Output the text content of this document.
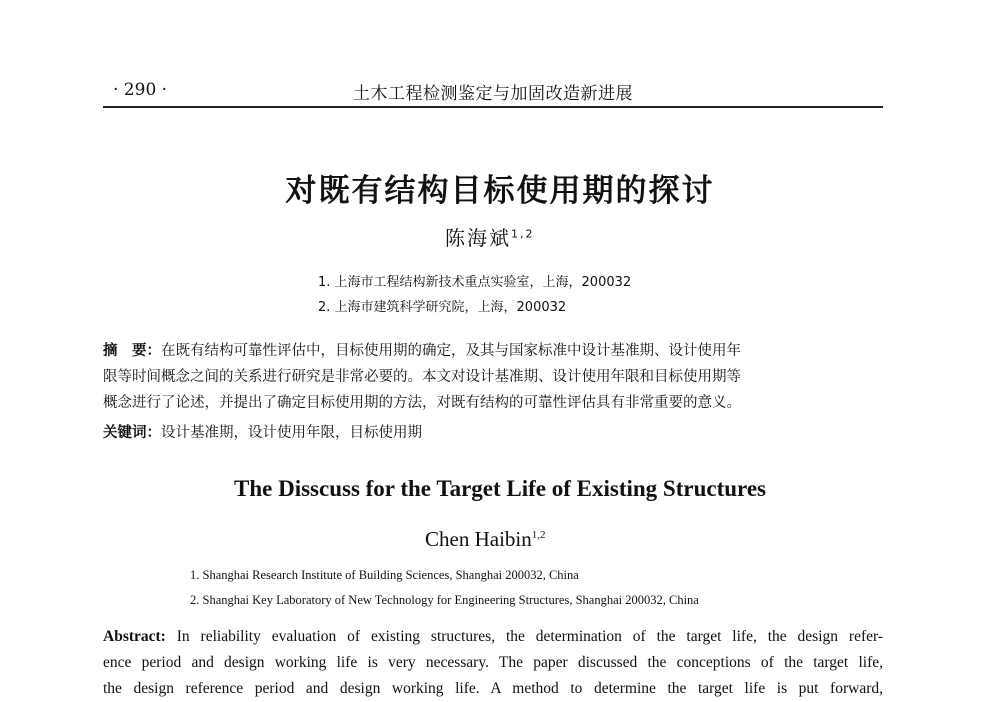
· 290 ·	土木工程检测鉴定与加固改造新进展
对既有结构目标使用期的探讨
陈海斌$^{1,2}$
1. 上海市工程结构新技术重点实验室，上海，200032
2. 上海市建筑科学研究院，上海，200032
摘　要：在既有结构可靠性评估中，目标使用期的确定，及其与国家标准中设计基准期、设计使用年
限等时间概念之间的关系进行研究是非常必要的。本文对设计基准期、设计使用年限和目标使用期等
概念进行了论述，并提出了确定目标使用期的方法，对既有结构的可靠性评估具有非常重要的意义。
关键词：设计基准期，设计使用年限，目标使用期
The Disscuss for the Target Life of Existing Structures
Chen Haibin$^{1,2}$
1. Shanghai Research Institute of Building Sciences, Shanghai 200032, China
2. Shanghai Key Laboratory of New Technology for Engineering Structures, Shanghai 200032, China
Abstract: In reliability evaluation of existing structures, the determination of the target life, the design refer-
ence period and design working life is very necessary. The paper discussed the conceptions of the target life,
the design reference period and design working life. A method to determine the target life is put forward,
